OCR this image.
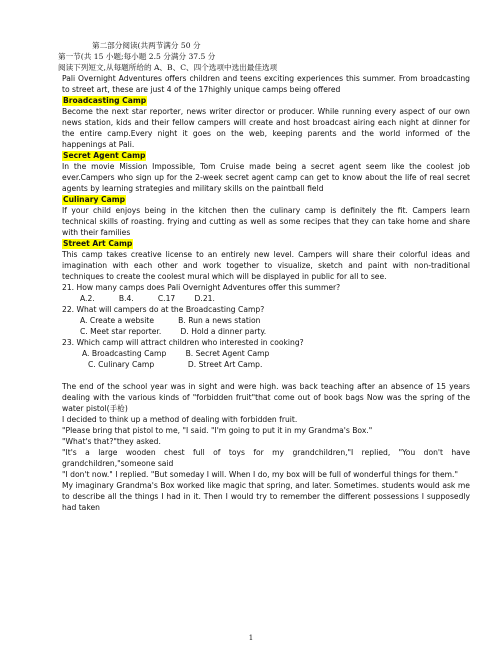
第二部分阅读(共两节满分 50 分
第一节(共 15 小题;每小题 2.5 分满分 37.5 分
阅读下列短文,从每题所给的 A、B、C、四个选项中选出最佳选项
Pali Overnight Adventures offers children and teens exciting experiences this summer. From broadcasting to street art, these are just 4 of the 17highly unique camps being offered
Broadcasting Camp
Become the next star reporter, news writer director or producer. While running every aspect of our own news station, kids and their fellow campers will create and host broadcast airing each night at dinner for the entire camp.Every night it goes on the web, keeping parents and the world informed of the happenings at Pali.
Secret Agent Camp
In the movie Mission Impossible, Tom Cruise made being a secret agent seem like the coolest job ever.Campers who sign up for the 2-week secret agent camp can get to know about the life of real secret agents by learning strategies and military skills on the paintball field
Culinary Camp
If your child enjoys being in the kitchen then the culinary camp is definitely the fit. Campers learn technical skills of roasting. frying and cutting as well as some recipes that they can take home and share with their families
Street Art Camp
This camp takes creative license to an entirely new level. Campers will share their colorful ideas and imagination with each other and work together to visualize, sketch and paint with non-traditional techniques to create the coolest mural which will be displayed in public for all to see.
21. How many camps does Pali Overnight Adventures offer this summer?
A.2.          B.4.          C.17        D.21.
22. What will campers do at the Broadcasting Camp?
A. Create a website          B. Run a news station
C. Meet star reporter.        D. Hold a dinner party.
23. Which camp will attract children who interested in cooking?
A. Broadcasting Camp        B. Secret Agent Camp
C. Culinary Camp              D. Street Art Camp.
The end of the school year was in sight and were high. was back teaching after an absence of 15 years dealing with the various kinds of "forbidden fruit"that come out of book bags Now was the spring of the water pistol(手枪)
I decided to think up a method of dealing with forbidden fruit.
"Please bring that pistol to me, "I said. "I'm going to put it in my Grandma's Box."
"What's that?"they asked.
"It's a large wooden chest full of toys for my grandchildren,"I replied, "You don't have grandchildren,"someone said
"I don't now." I replied. "But someday I will. When I do, my box will be full of wonderful things for them."
My imaginary Grandma's Box worked like magic that spring, and later. Sometimes. students would ask me to describe all the things I had in it. Then I would try to remember the different possessions I supposedly had taken
1
